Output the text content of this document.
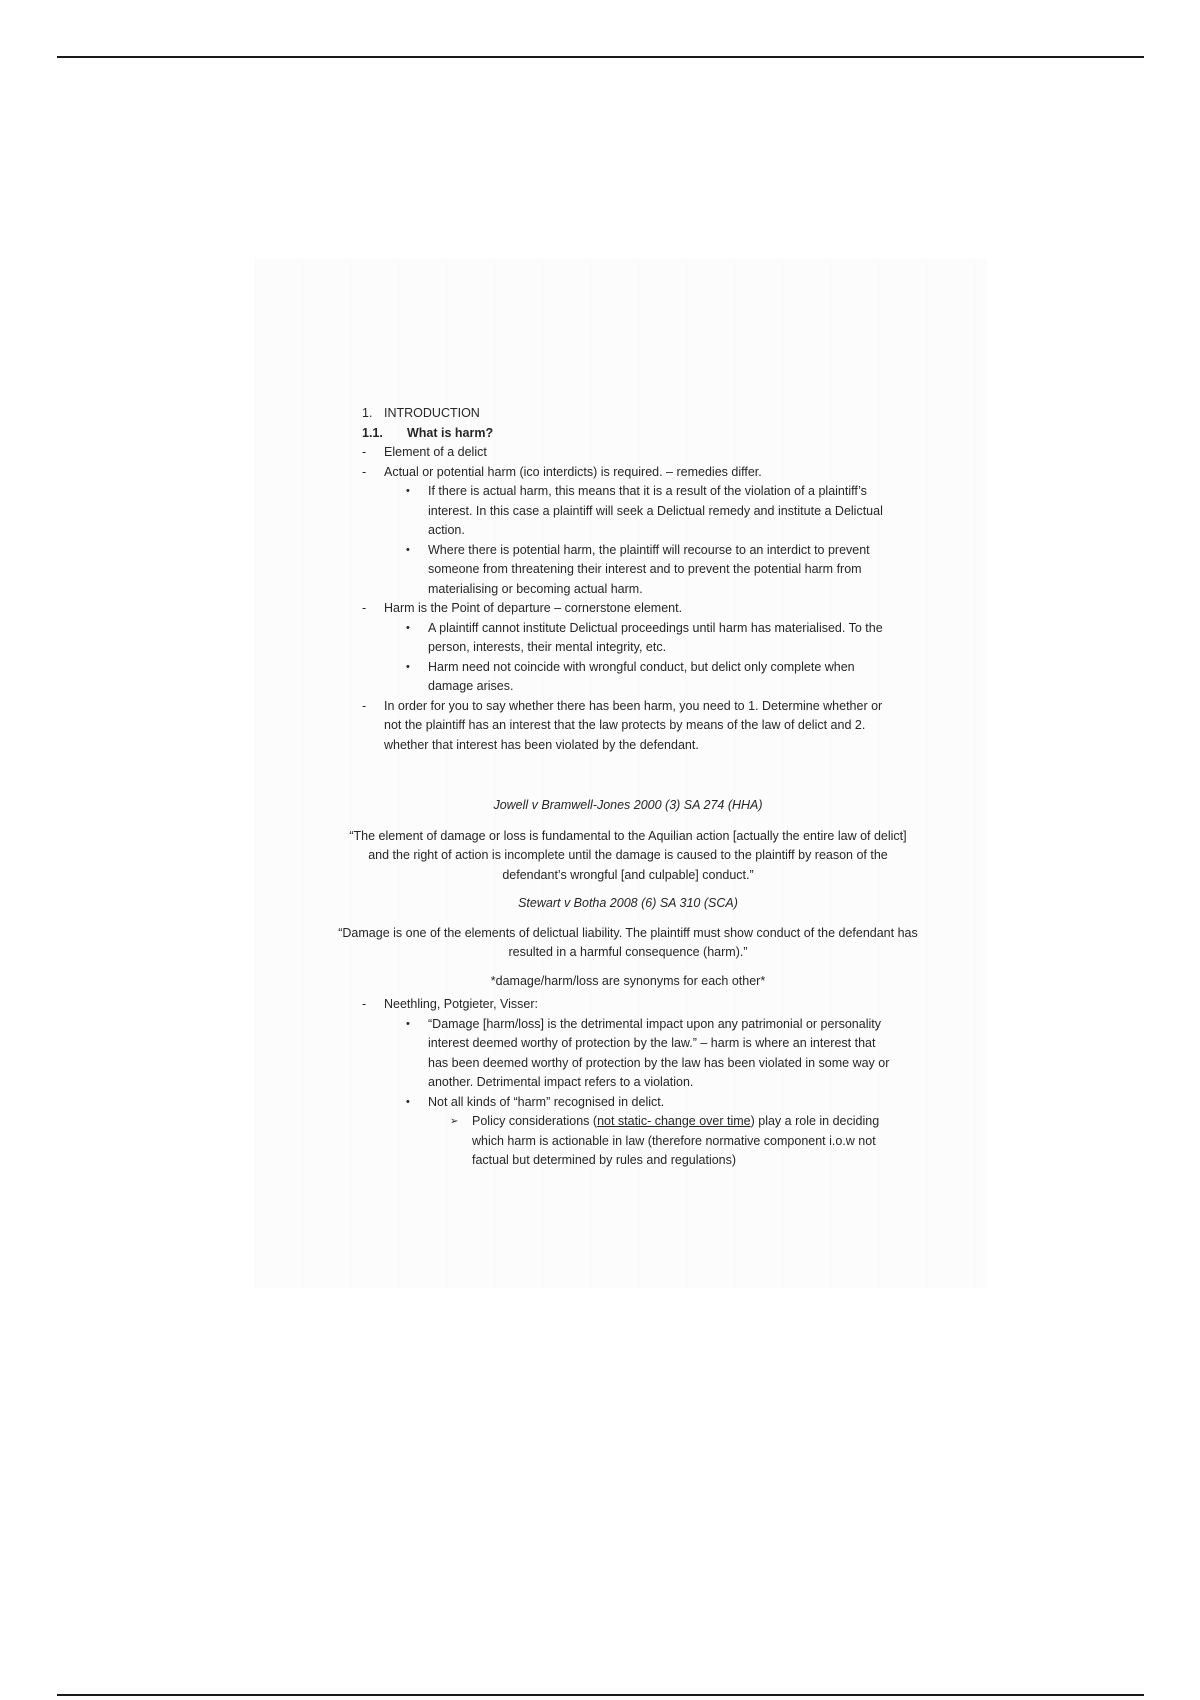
1. INTRODUCTION
1.1.	What is harm?
-	Element of a delict
-	Actual or potential harm (ico interdicts) is required. – remedies differ.
•	If there is actual harm, this means that it is a result of the violation of a plaintiff’s interest. In this case a plaintiff will seek a Delictual remedy and institute a Delictual action.
•	Where there is potential harm, the plaintiff will recourse to an interdict to prevent someone from threatening their interest and to prevent the potential harm from materialising or becoming actual harm.
-	Harm is the Point of departure – cornerstone element.
•	A plaintiff cannot institute Delictual proceedings until harm has materialised. To the person, interests, their mental integrity, etc.
•	Harm need not coincide with wrongful conduct, but delict only complete when damage arises.
-	In order for you to say whether there has been harm, you need to 1. Determine whether or not the plaintiff has an interest that the law protects by means of the law of delict and 2. whether that interest has been violated by the defendant.

Jowell v Bramwell-Jones 2000 (3) SA 274 (HHA)

“The element of damage or loss is fundamental to the Aquilian action [actually the entire law of delict] and the right of action is incomplete until the damage is caused to the plaintiff by reason of the defendant’s wrongful [and culpable] conduct.”

Stewart v Botha 2008 (6) SA 310 (SCA)

“Damage is one of the elements of delictual liability. The plaintiff must show conduct of the defendant has resulted in a harmful consequence (harm).”

*damage/harm/loss are synonyms for each other*

-	Neethling, Potgieter, Visser:
•	“Damage [harm/loss] is the detrimental impact upon any patrimonial or personality interest deemed worthy of protection by the law.” – harm is where an interest that has been deemed worthy of protection by the law has been violated in some way or another. Detrimental impact refers to a violation.
•	Not all kinds of “harm” recognised in delict.
➢	Policy considerations (not static- change over time) play a role in deciding which harm is actionable in law (therefore normative component i.o.w not factual but determined by rules and regulations)
